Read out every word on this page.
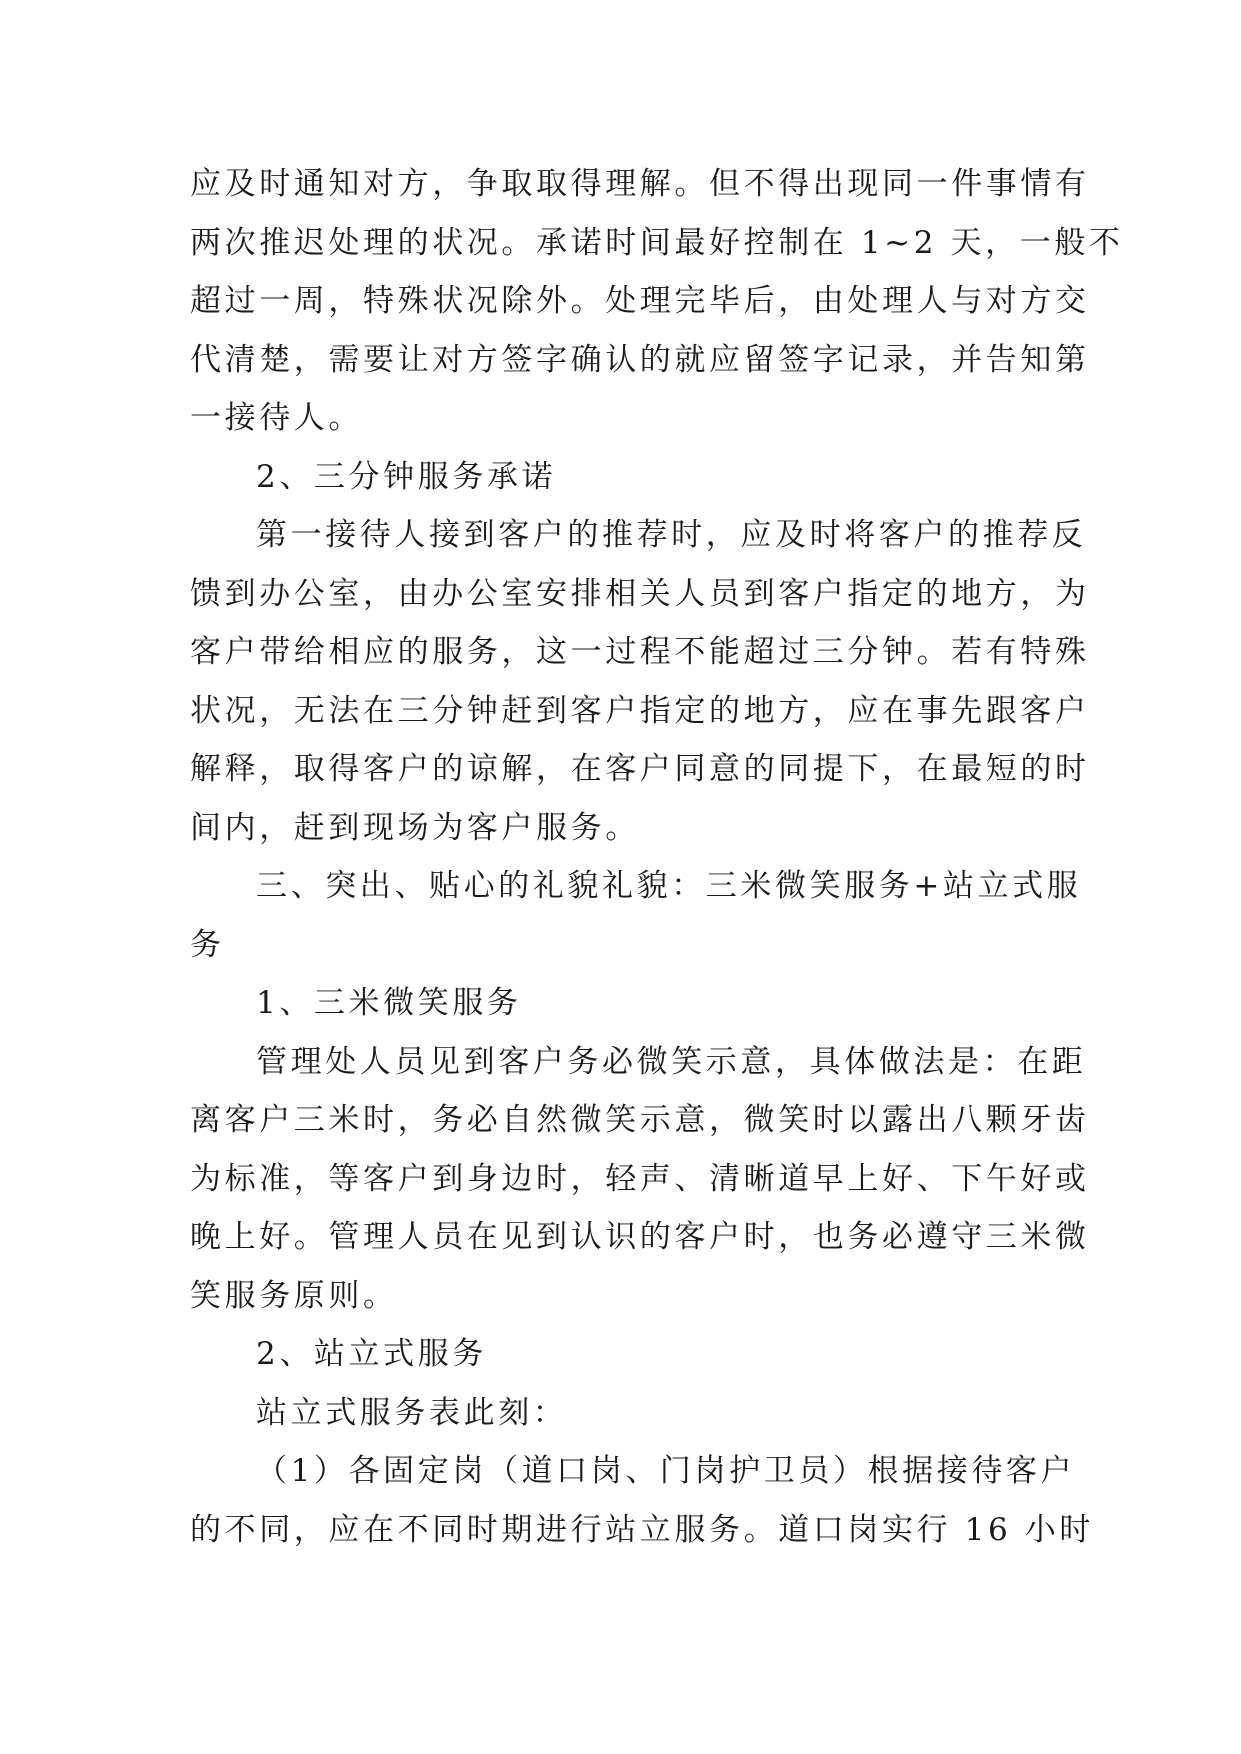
应及时通知对方，争取取得理解。但不得出现同一件事情有
两次推迟处理的状况。承诺时间最好控制在 1~2 天，一般不
超过一周，特殊状况除外。处理完毕后，由处理人与对方交
代清楚，需要让对方签字确认的就应留签字记录，并告知第
一接待人。
2、三分钟服务承诺
第一接待人接到客户的推荐时，应及时将客户的推荐反
馈到办公室，由办公室安排相关人员到客户指定的地方，为
客户带给相应的服务，这一过程不能超过三分钟。若有特殊
状况，无法在三分钟赶到客户指定的地方，应在事先跟客户
解释，取得客户的谅解，在客户同意的同提下，在最短的时
间内，赶到现场为客户服务。
三、突出、贴心的礼貌礼貌：三米微笑服务+站立式服
务
1、三米微笑服务
管理处人员见到客户务必微笑示意，具体做法是：在距
离客户三米时，务必自然微笑示意，微笑时以露出八颗牙齿
为标准，等客户到身边时，轻声、清晰道早上好、下午好或
晚上好。管理人员在见到认识的客户时，也务必遵守三米微
笑服务原则。
2、站立式服务
站立式服务表此刻：
（1）各固定岗（道口岗、门岗护卫员）根据接待客户
的不同，应在不同时期进行站立服务。道口岗实行 16 小时
